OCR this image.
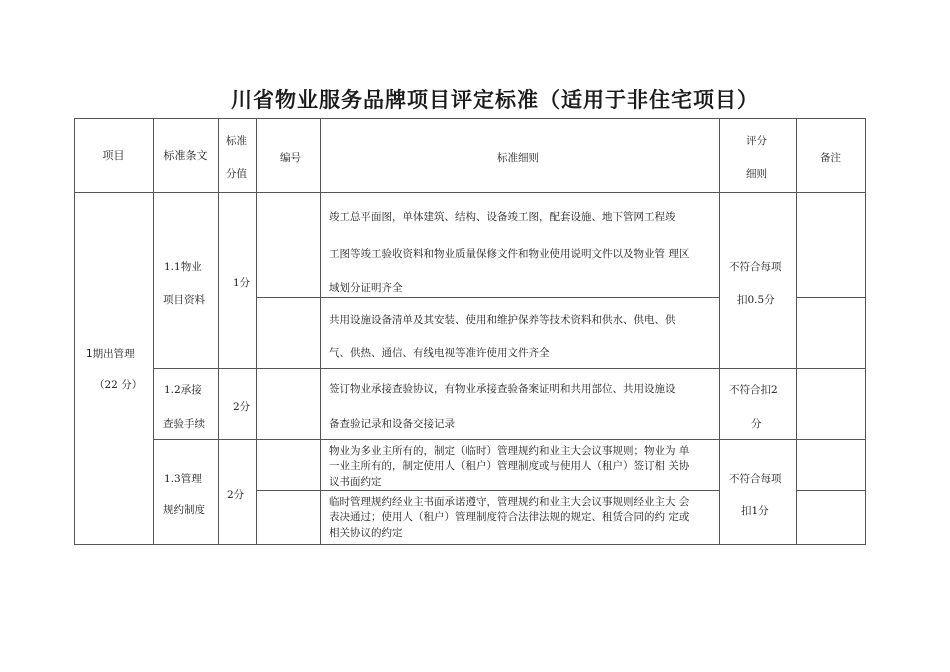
川省物业服务品牌项目评定标准（适用于非住宅项目）
项目	标准条文
标准
分值
编号	标准细则
评分
细则
备注
1期出管理
（22 分）
1.1物业
项目资料
1分
竣工总平面图，单体建筑、结构、设备竣工图，配套设施、地下管网工程竣
工图等竣工验收资料和物业质量保修文件和物业使用说明文件以及物业管 理区
域划分证明齐全
共用设施设备清单及其安装、使用和维护保养等技术资料和供水、供电、供
气、供热、通信、有线电视等准许使用文件齐全
不符合每项
扣0.5分
1.2承接
查验手续
2分
签订物业承接查验协议，有物业承接查验备案证明和共用部位、共用设施设
备查验记录和设备交接记录
不符合扣2
分
1.3管理
规约制度
2分
物业为多业主所有的，制定（临时）管理规约和业主大会议事规则；物业为 单
一业主所有的，制定使用人（租户）管理制度或与使用人（租户）签订相 关协
议书面约定
临时管理规约经业主书面承诺遵守，管理规约和业主大会议事规则经业主大 会
表决通过；使用人（租户）管理制度符合法律法规的规定、租赁合同的约 定或
相关协议的约定
不符合每项
扣1分
